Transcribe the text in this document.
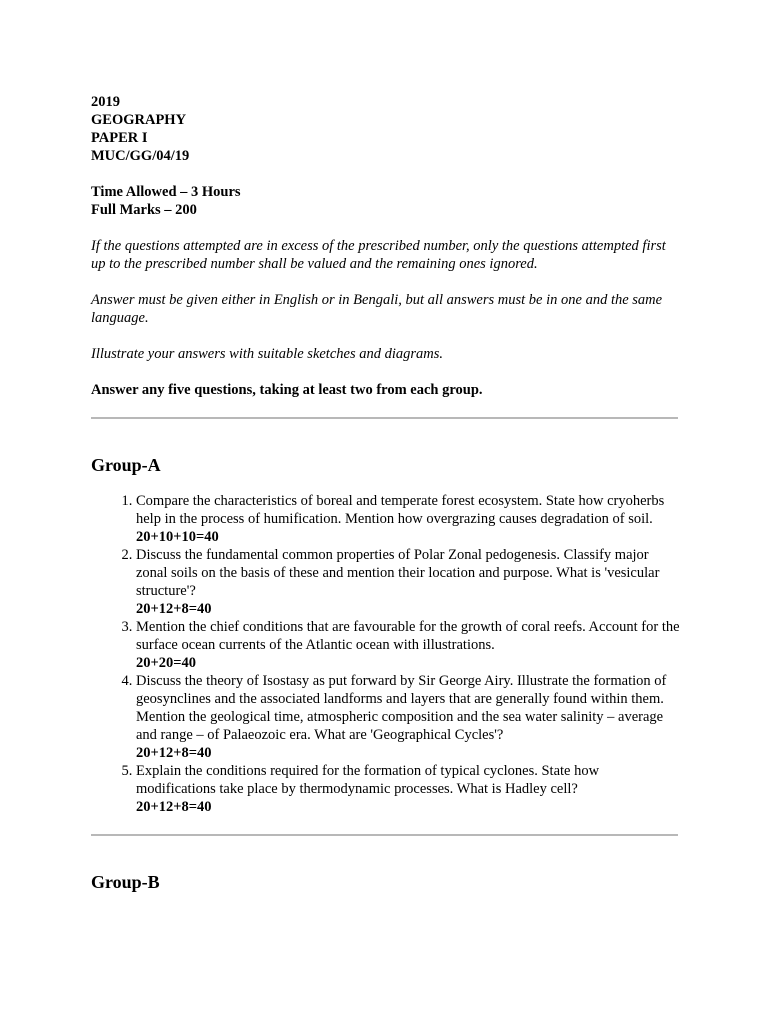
2019
GEOGRAPHY
PAPER I
MUC/GG/04/19
Time Allowed – 3 Hours
Full Marks – 200
If the questions attempted are in excess of the prescribed number, only the questions attempted first up to the prescribed number shall be valued and the remaining ones ignored.
Answer must be given either in English or in Bengali, but all answers must be in one and the same language.
Illustrate your answers with suitable sketches and diagrams.
Answer any five questions, taking at least two from each group.
Group-A
1. Compare the characteristics of boreal and temperate forest ecosystem. State how cryoherbs help in the process of humification. Mention how overgrazing causes degradation of soil.
20+10+10=40
2. Discuss the fundamental common properties of Polar Zonal pedogenesis. Classify major zonal soils on the basis of these and mention their location and purpose. What is 'vesicular structure'?
20+12+8=40
3. Mention the chief conditions that are favourable for the growth of coral reefs. Account for the surface ocean currents of the Atlantic ocean with illustrations.
20+20=40
4. Discuss the theory of Isostasy as put forward by Sir George Airy. Illustrate the formation of geosynclines and the associated landforms and layers that are generally found within them.
Mention the geological time, atmospheric composition and the sea water salinity – average and range – of Palaeozoic era. What are 'Geographical Cycles'?
20+12+8=40
5. Explain the conditions required for the formation of typical cyclones. State how modifications take place by thermodynamic processes. What is Hadley cell?
20+12+8=40
Group-B
